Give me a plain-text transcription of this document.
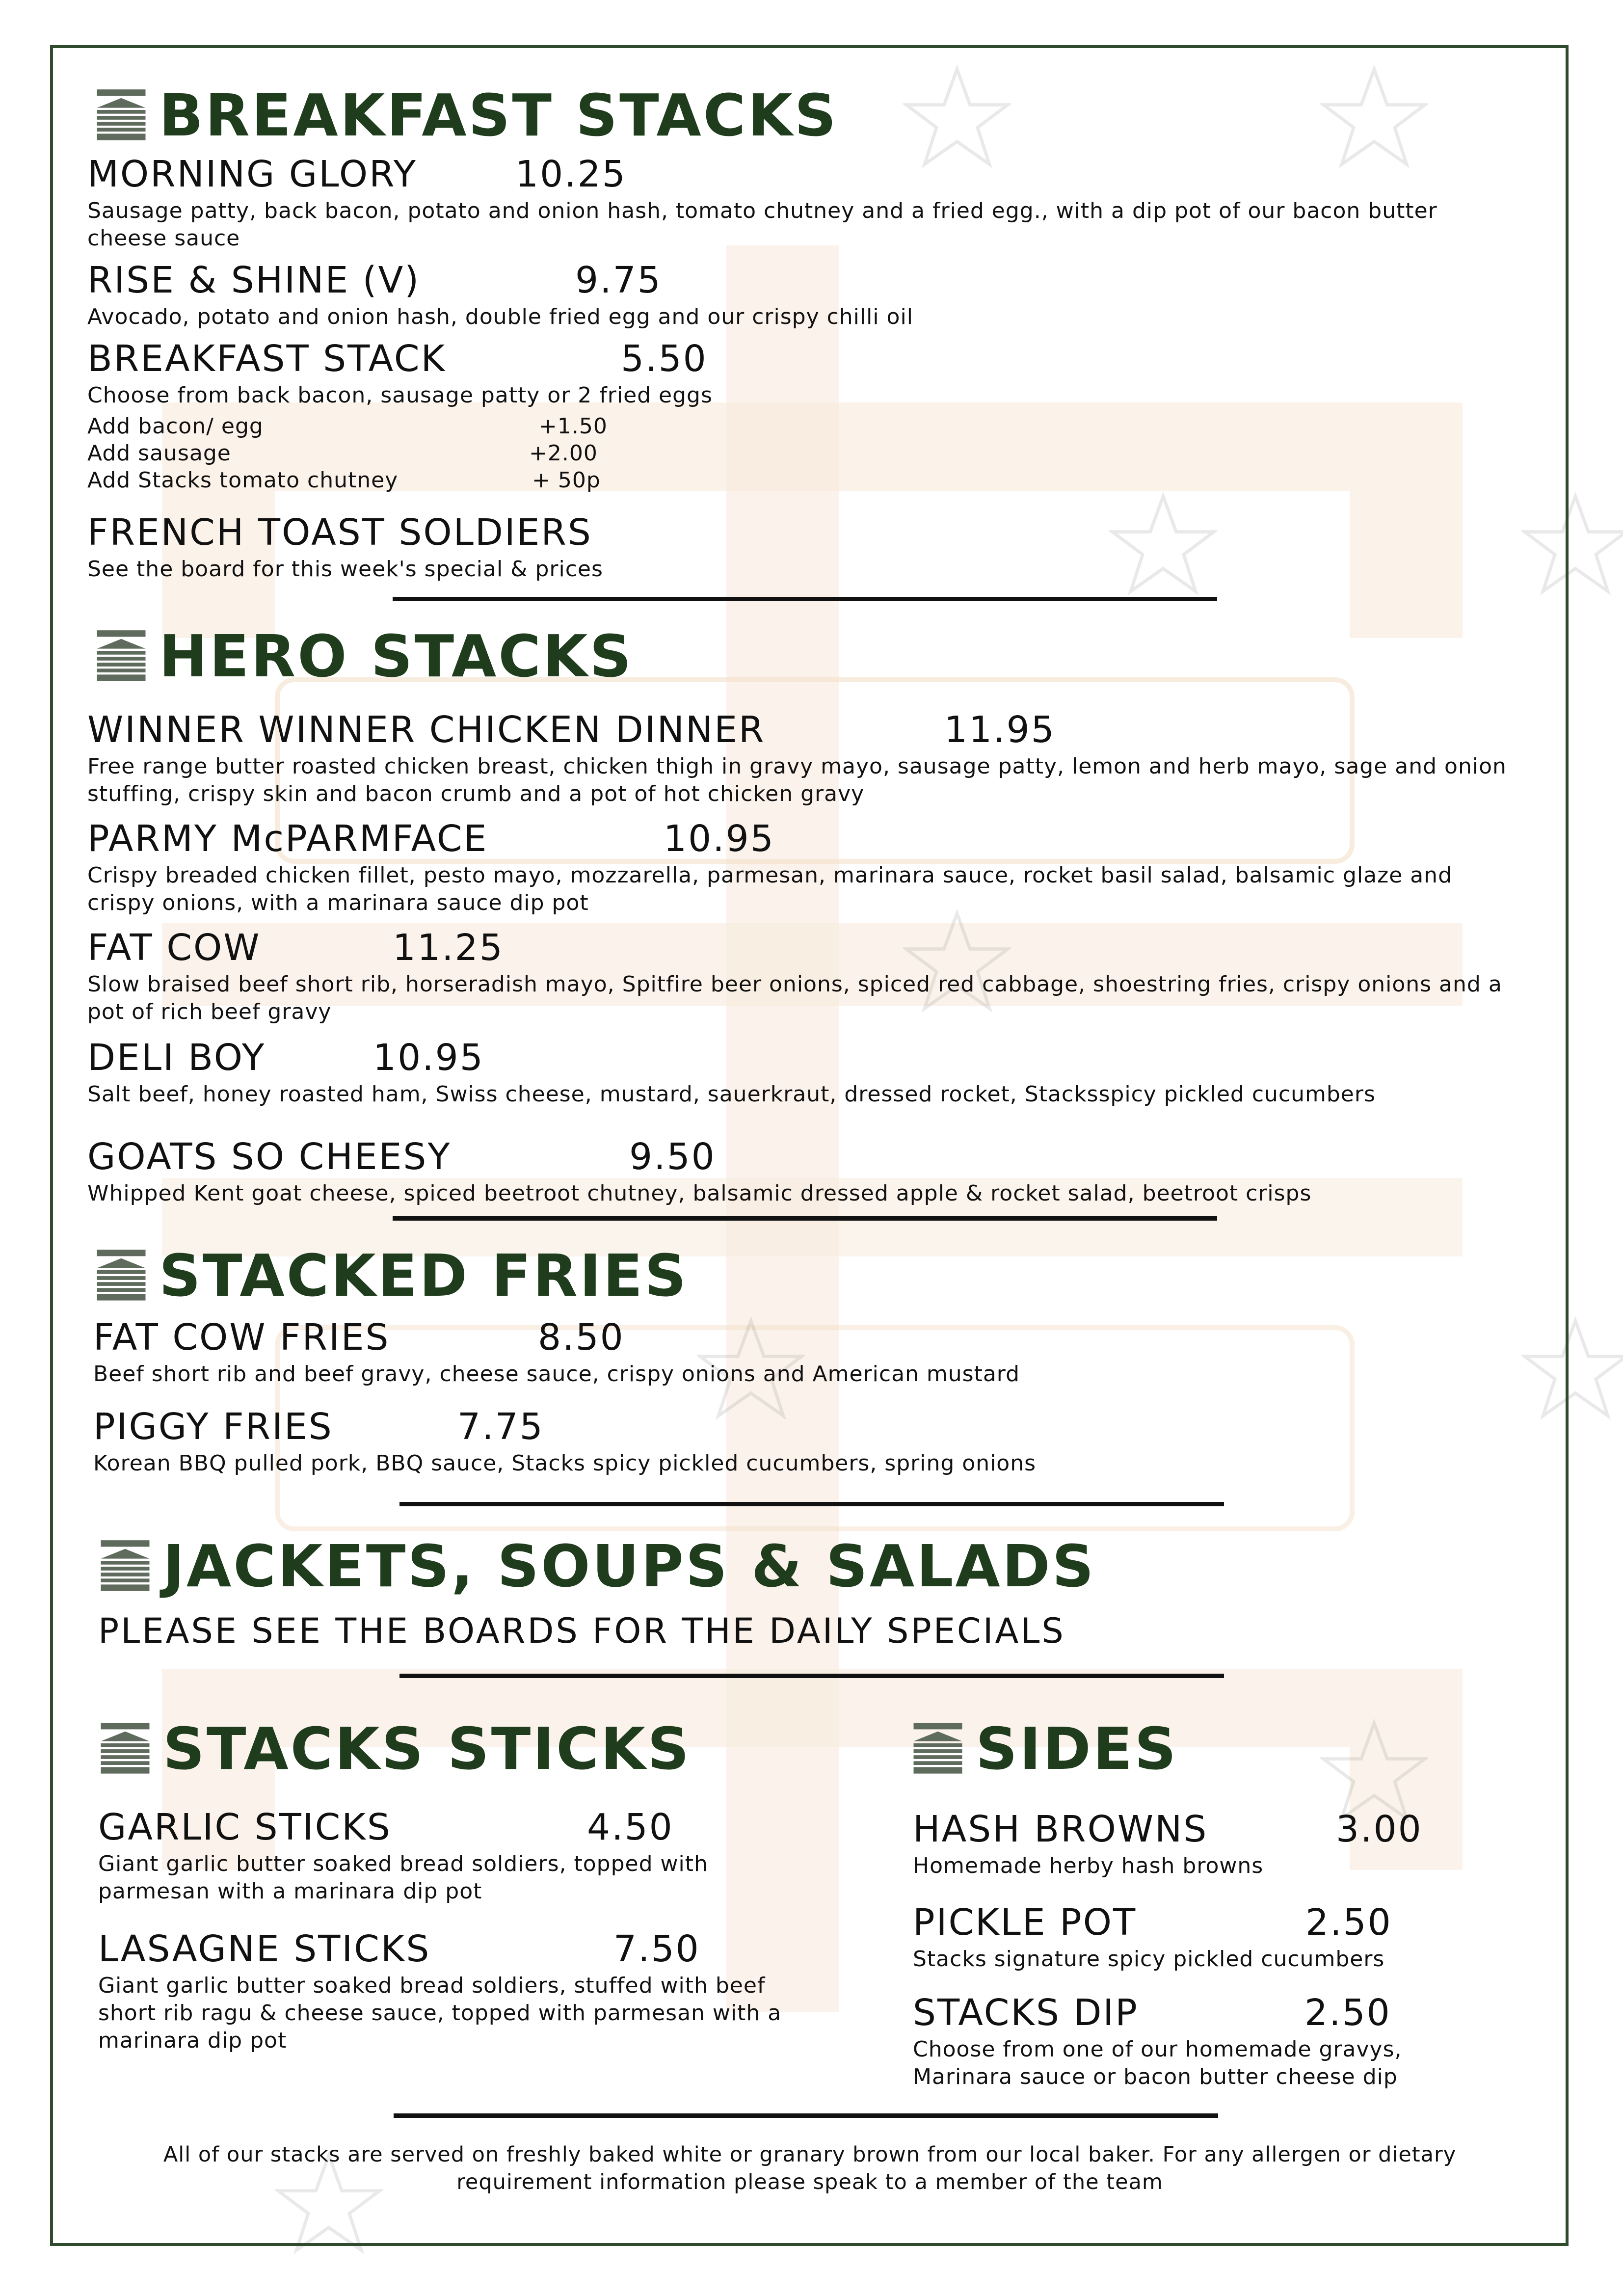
BREAKFAST STACKS
MORNING GLORY	10.25
Sausage patty, back bacon, potato and onion hash, tomato chutney and a fried egg., with a dip pot of our bacon butter cheese sauce
RISE & SHINE (V)	9.75
Avocado, potato and onion hash, double fried egg and our crispy chilli oil
BREAKFAST STACK	5.50
Choose from back bacon, sausage patty or 2 fried eggs
Add bacon/ egg	+1.50
Add sausage	+2.00
Add Stacks tomato chutney	+ 50p
FRENCH TOAST SOLDIERS
See the board for this week's special & prices
HERO STACKS
WINNER WINNER CHICKEN DINNER	11.95
Free range butter roasted chicken breast, chicken thigh in gravy mayo, sausage patty, lemon and herb mayo, sage and onion stuffing, crispy skin and bacon crumb and a pot of hot chicken gravy
PARMY McPARMFACE	10.95
Crispy breaded chicken fillet, pesto mayo, mozzarella, parmesan, marinara sauce, rocket basil salad, balsamic glaze and crispy onions, with a marinara sauce dip pot
FAT COW	11.25
Slow braised beef short rib, horseradish mayo, Spitfire beer onions, spiced red cabbage, shoestring fries, crispy onions and a pot of rich beef gravy
DELI BOY	10.95
Salt beef, honey roasted ham, Swiss cheese, mustard, sauerkraut, dressed rocket, Stacksspicy pickled cucumbers
GOATS SO CHEESY	9.50
Whipped Kent goat cheese, spiced beetroot chutney, balsamic dressed apple & rocket salad, beetroot crisps
STACKED FRIES
FAT COW FRIES	8.50
Beef short rib and beef gravy, cheese sauce, crispy onions and American mustard
PIGGY FRIES	7.75
Korean BBQ pulled pork, BBQ sauce, Stacks spicy pickled cucumbers, spring onions
JACKETS, SOUPS & SALADS
PLEASE SEE THE BOARDS FOR THE DAILY SPECIALS
STACKS STICKS
GARLIC STICKS	4.50
Giant garlic butter soaked bread soldiers, topped with parmesan with a marinara dip pot
LASAGNE STICKS	7.50
Giant garlic butter soaked bread soldiers, stuffed with beef short rib ragu & cheese sauce, topped with parmesan with a marinara dip pot
SIDES
HASH BROWNS	3.00
Homemade herby hash browns
PICKLE POT	2.50
Stacks signature spicy pickled cucumbers
STACKS DIP	2.50
Choose from one of our homemade gravys, Marinara sauce or bacon butter cheese dip
All of our stacks are served on freshly baked white or granary brown from our local baker. For any allergen or dietary requirement information please speak to a member of the team
